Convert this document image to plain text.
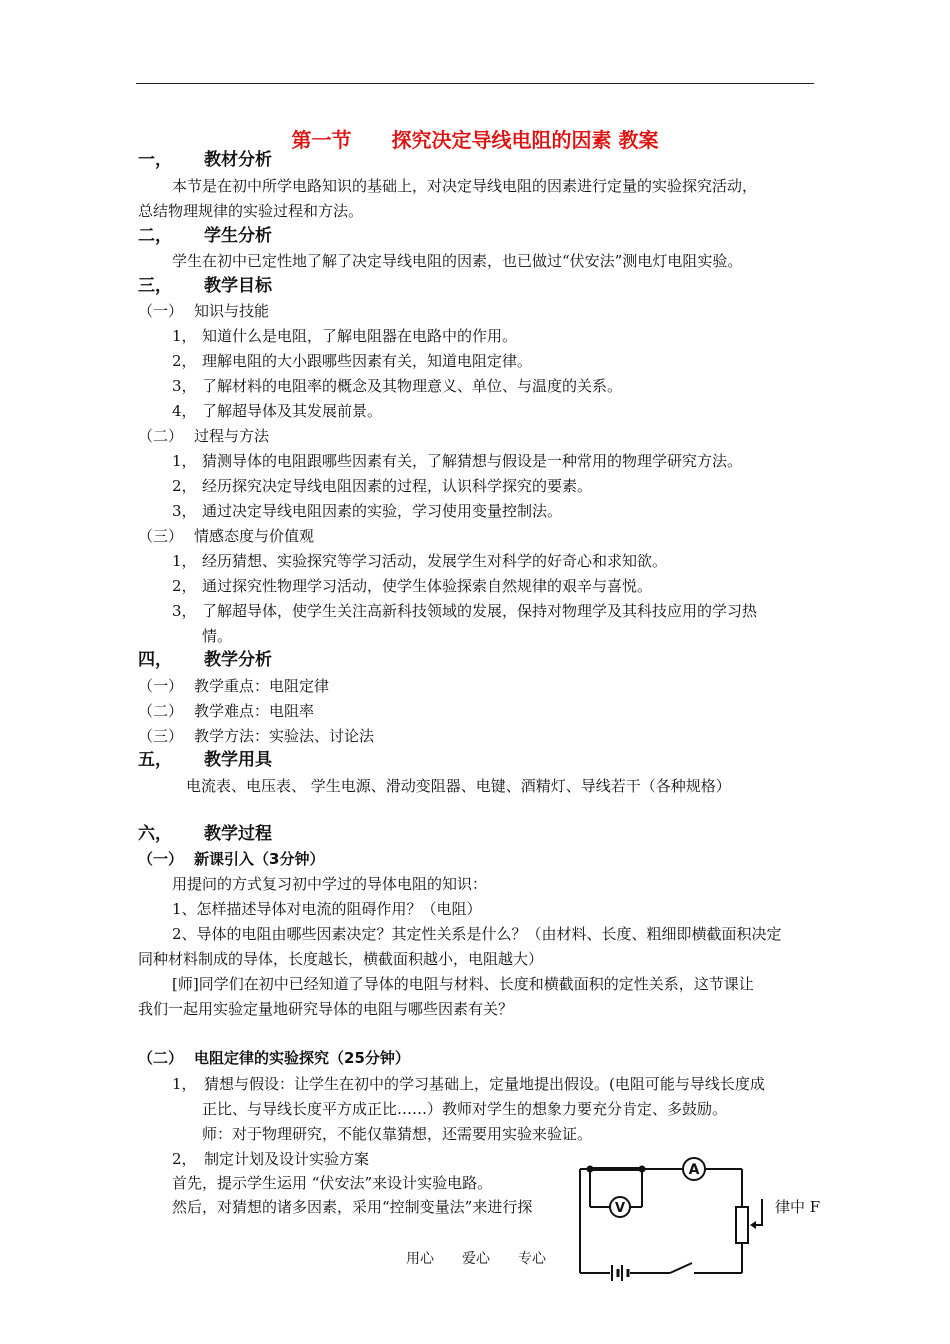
第一节　　探究决定导线电阻的因素 教案
一， 教材分析
本节是在初中所学电路知识的基础上，对决定导线电阻的因素进行定量的实验探究活动，
总结物理规律的实验过程和方法。
二， 学生分析
学生在初中已定性地了解了决定导线电阻的因素，也已做过“伏安法”测电灯电阻实验。
三， 教学目标
（一） 知识与技能
1， 知道什么是电阻，了解电阻器在电路中的作用。
2， 理解电阻的大小跟哪些因素有关，知道电阻定律。
3， 了解材料的电阻率的概念及其物理意义、单位、与温度的关系。
4， 了解超导体及其发展前景。
（二） 过程与方法
1， 猜测导体的电阻跟哪些因素有关，了解猜想与假设是一种常用的物理学研究方法。
2， 经历探究决定导线电阻因素的过程，认识科学探究的要素。
3， 通过决定导线电阻因素的实验，学习使用变量控制法。
（三） 情感态度与价值观
1， 经历猜想、实验探究等学习活动，发展学生对科学的好奇心和求知欲。
2， 通过探究性物理学习活动，使学生体验探索自然规律的艰辛与喜悦。
3， 了解超导体，使学生关注高新科技领域的发展，保持对物理学及其科技应用的学习热
情。
四， 教学分析
（一） 教学重点：电阻定律
（二） 教学难点：电阻率
（三） 教学方法：实验法、讨论法
五， 教学用具
电流表、电压表、 学生电源、滑动变阻器、电键、酒精灯、导线若干（各种规格）
六， 教学过程
（一） 新课引入（3分钟）
用提问的方式复习初中学过的导体电阻的知识：
1、怎样描述导体对电流的阻碍作用？（电阻）
2、导体的电阻由哪些因素决定？其定性关系是什么？（由材料、长度、粗细即横截面积决定
同种材料制成的导体，长度越长，横截面积越小，电阻越大）
[师]同学们在初中已经知道了导体的电阻与材料、长度和横截面积的定性关系，这节课让
我们一起用实验定量地研究导体的电阻与哪些因素有关？
（二） 电阻定律的实验探究（25分钟）
1，　猜想与假设：让学生在初中的学习基础上，定量地提出假设。(电阻可能与导线长度成
正比、与导线长度平方成正比……）教师对学生的想象力要充分肯定、多鼓励。
师：对于物理研究，不能仅靠猜想，还需要用实验来验证。
2，　制定计划及设计实验方案
首先，提示学生运用 “伏安法”来设计实验电路。
然后，对猜想的诸多因素，采用“控制变量法”来进行探
A
V	律中 F
用心　　爱心　　专心
